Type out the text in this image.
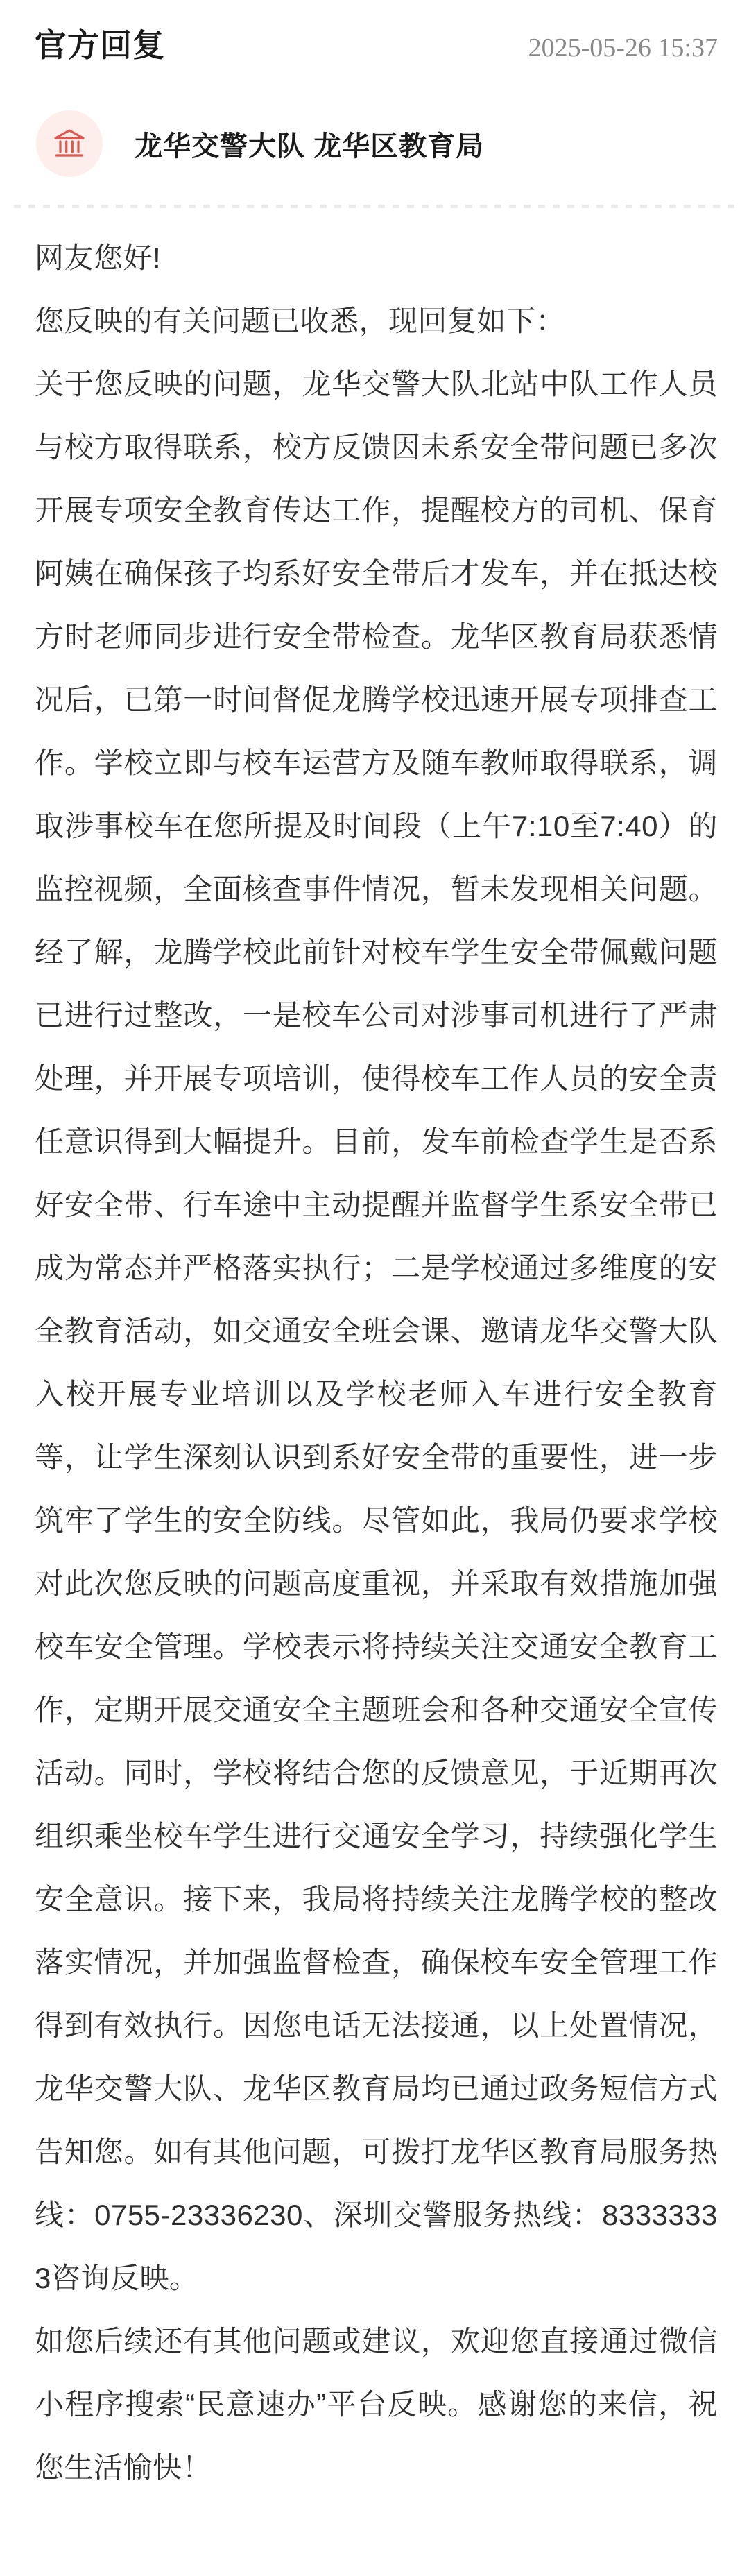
官方回复	2025-05-26 15:37
龙华交警大队 龙华区教育局

网友您好!

您反映的有关问题已收悉，现回复如下：

关于您反映的问题，龙华交警大队北站中队工作人员与校方取得联系，校方反馈因未系安全带问题已多次开展专项安全教育传达工作，提醒校方的司机、保育阿姨在确保孩子均系好安全带后才发车，并在抵达校方时老师同步进行安全带检查。龙华区教育局获悉情况后，已第一时间督促龙腾学校迅速开展专项排查工作。学校立即与校车运营方及随车教师取得联系，调取涉事校车在您所提及时间段（上午7:10至7:40）的监控视频，全面核查事件情况，暂未发现相关问题。经了解，龙腾学校此前针对校车学生安全带佩戴问题已进行过整改，一是校车公司对涉事司机进行了严肃处理，并开展专项培训，使得校车工作人员的安全责任意识得到大幅提升。目前，发车前检查学生是否系好安全带、行车途中主动提醒并监督学生系安全带已成为常态并严格落实执行；二是学校通过多维度的安全教育活动，如交通安全班会课、邀请龙华交警大队入校开展专业培训以及学校老师入车进行安全教育等，让学生深刻认识到系好安全带的重要性，进一步筑牢了学生的安全防线。尽管如此，我局仍要求学校对此次您反映的问题高度重视，并采取有效措施加强校车安全管理。学校表示将持续关注交通安全教育工作，定期开展交通安全主题班会和各种交通安全宣传活动。同时，学校将结合您的反馈意见，于近期再次组织乘坐校车学生进行交通安全学习，持续强化学生安全意识。接下来，我局将持续关注龙腾学校的整改落实情况，并加强监督检查，确保校车安全管理工作得到有效执行。因您电话无法接通，以上处置情况，龙华交警大队、龙华区教育局均已通过政务短信方式告知您。如有其他问题，可拨打龙华区教育局服务热线：0755-23336230、深圳交警服务热线：83333333咨询反映。

如您后续还有其他问题或建议，欢迎您直接通过微信小程序搜索“民意速办”平台反映。感谢您的来信，祝您生活愉快！
